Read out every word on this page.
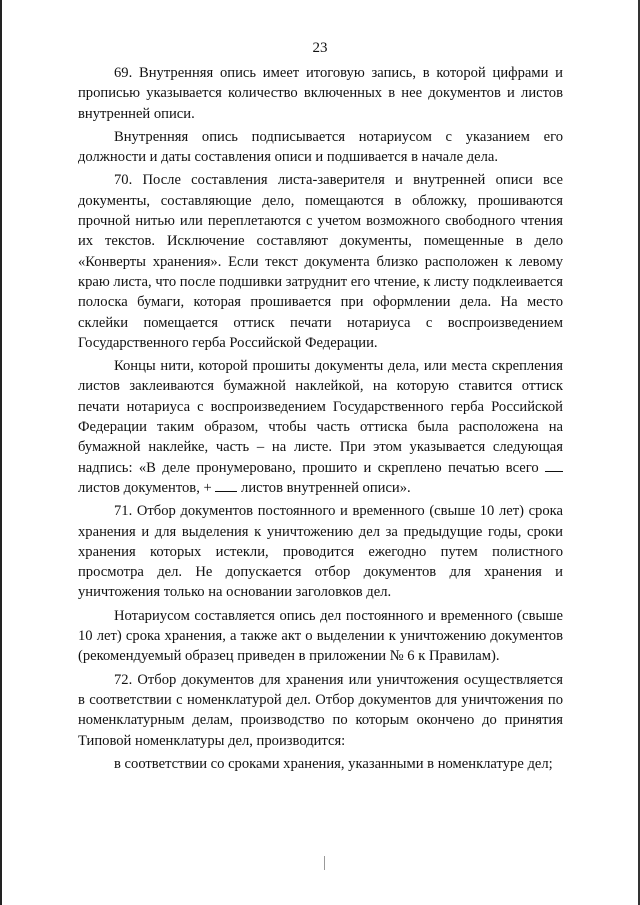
23

69. Внутренняя опись имеет итоговую запись, в которой цифрами и прописью указывается количество включенных в нее документов и листов внутренней описи.

Внутренняя опись подписывается нотариусом с указанием его должности и даты составления описи и подшивается в начале дела.

70. После составления листа-заверителя и внутренней описи все документы, составляющие дело, помещаются в обложку, прошиваются прочной нитью или переплетаются с учетом возможного свободного чтения их текстов. Исключение составляют документы, помещенные в дело «Конверты хранения». Если текст документа близко расположен к левому краю листа, что после подшивки затруднит его чтение, к листу подклеивается полоска бумаги, которая прошивается при оформлении дела. На место склейки помещается оттиск печати нотариуса с воспроизведением Государственного герба Российской Федерации.

Концы нити, которой прошиты документы дела, или места скрепления листов заклеиваются бумажной наклейкой, на которую ставится оттиск печати нотариуса с воспроизведением Государственного герба Российской Федерации таким образом, чтобы часть оттиска была расположена на бумажной наклейке, часть – на листе. При этом указывается следующая надпись: «В деле пронумеровано, прошито и скреплено печатью всего  листов документов, + листов внутренней описи».

71. Отбор документов постоянного и временного (свыше 10 лет) срока хранения и для выделения к уничтожению дел за предыдущие годы, сроки хранения которых истекли, проводится ежегодно путем полистного просмотра дел. Не допускается отбор документов для хранения и уничтожения только на основании заголовков дел.

Нотариусом составляется опись дел постоянного и временного (свыше 10 лет) срока хранения, а также акт о выделении к уничтожению документов (рекомендуемый образец приведен в приложении № 6 к Правилам).

72. Отбор документов для хранения или уничтожения осуществляется в соответствии с номенклатурой дел. Отбор документов для уничтожения по номенклатурным делам, производство по которым окончено до принятия Типовой номенклатуры дел, производится:

в соответствии со сроками хранения, указанными в номенклатуре дел;
